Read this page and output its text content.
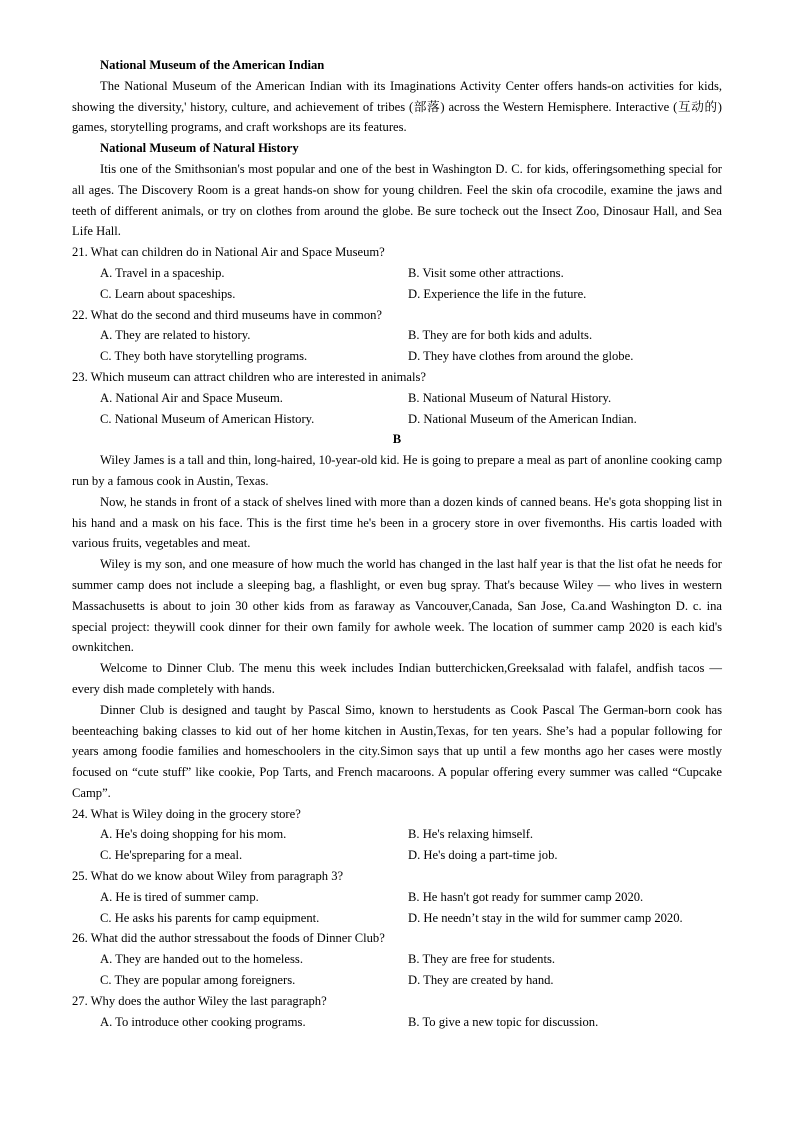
National Museum of the American Indian

The National Museum of the American Indian with its Imaginations Activity Center offers hands-on activities for kids, showing the diversity,' history, culture, and achievement of tribes (部落) across the Western Hemisphere. Interactive (互动的) games, storytelling programs, and craft workshops are its features.

National Museum of Natural History

Itis one of the Smithsonian's most popular and one of the best in Washington D. C. for kids, offeringsomething special for all ages. The Discovery Room is a great hands-on show for young children. Feel the skin ofa crocodile, examine the jaws and teeth of different animals, or try on clothes from around the globe. Be sure tocheck out the Insect Zoo, Dinosaur Hall, and Sea Life Hall.

21. What can children do in National Air and Space Museum?

A. Travel in a spaceship.	B. Visit some other attractions.
C. Learn about spaceships.	D. Experience the life in the future.

22. What do the second and third museums have in common?

A. They are related to history.	B. They are for both kids and adults.
C. They both have storytelling programs.	D. They have clothes from around the globe.

23. Which museum can attract children who are interested in animals?

A. National Air and Space Museum.	B. National Museum of Natural History.
C. National Museum of American History.	D. National Museum of the American Indian.

B

Wiley James is a tall and thin, long-haired, 10-year-old kid. He is going to prepare a meal as part of anonline cooking camp run by a famous cook in Austin, Texas.

Now, he stands in front of a stack of shelves lined with more than a dozen kinds of canned beans. He's gota shopping list in his hand and a mask on his face. This is the first time he's been in a grocery store in over fivemonths. His cartis loaded with various fruits, vegetables and meat.

Wiley is my son, and one measure of how much the world has changed in the last half year is that the list ofat he needs for summer camp does not include a sleeping bag, a flashlight, or even bug spray. That's because Wiley — who lives in western Massachusetts is about to join 30 other kids from as faraway as Vancouver,Canada, San Jose, Ca.and Washington D. c. ina special project: theywill cook dinner for their own family for awhole week. The location of summer camp 2020 is each kid's ownkitchen.

Welcome to Dinner Club. The menu this week includes Indian butterchicken,Greeksalad with falafel, andfish tacos — every dish made completely with hands.

Dinner Club is designed and taught by Pascal Simo, known to herstudents as Cook Pascal The German-born cook has beenteaching baking classes to kid out of her home kitchen in Austin,Texas, for ten years. She’s had a popular following for years among foodie families and homeschoolers in the city.Simon says that up until a few months ago her cases were mostly focused on “cute stuff” like cookie, Pop Tarts, and French macaroons. A popular offering every summer was called “Cupcake Camp”.

24. What is Wiley doing in the grocery store?

A. He's doing shopping for his mom.	B. He's relaxing himself.
C. He'spreparing for a meal.	D. He's doing a part-time job.

25. What do we know about Wiley from paragraph 3?

A. He is tired of summer camp.	B. He hasn't got ready for summer camp 2020.
C. He asks his parents for camp equipment.	D. He needn’t stay in the wild for summer camp 2020.

26. What did the author stressabout the foods of Dinner Club?

A. They are handed out to the homeless.	B. They are free for students.
C. They are popular among foreigners.	D. They are created by hand.

27. Why does the author Wiley the last paragraph?

A. To introduce other cooking programs.	B. To give a new topic for discussion.
